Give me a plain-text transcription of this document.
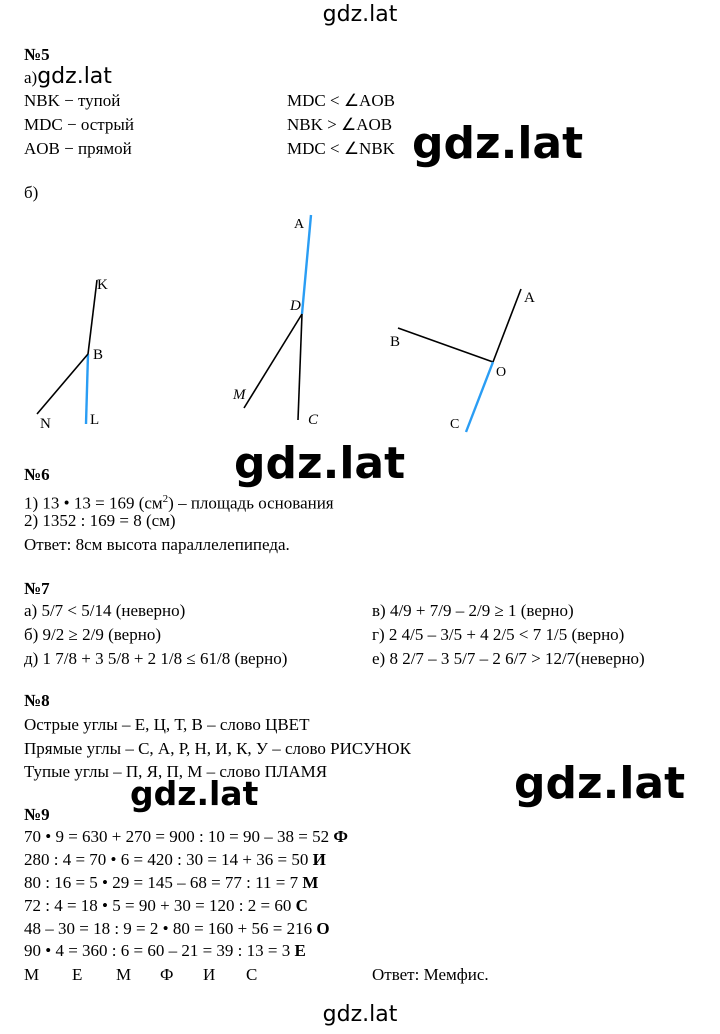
gdz.lat
gdz.lat
gdz.lat
gdz.lat
gdz.lat
gdz.lat
№5
а)gdz.lat
NBK − тупой
MDC − острый
AOB − прямой
MDC < ∠AOB
NBK > ∠AOB
MDC < ∠NBK
б)
K
B
N	L
A
D
M
C
A
B
O
C
№6
1) 13 • 13 = 169 $(см^2)$ – площадь основания
2) 1352 : 169 = 8 (см)
Ответ: 8см высота параллелепипеда.
№7
а) 5/7 < 5/14 (неверно)
б) 9/2 ≥ 2/9 (верно)
д) 1 7/8 + 3 5/8 + 2 1/8 ≤ 61/8 (верно)
в) 4/9 + 7/9 – 2/9 ≥ 1 (верно)
г) 2 4/5 – 3/5 + 4 2/5 < 7 1/5 (верно)
е) 8 2/7 – 3 5/7 – 2 6/7 > 12/7(неверно)
№8
Острые углы – Е, Ц, Т, В – слово ЦВЕТ
Прямые углы – С, А, Р, Н, И, К, У – слово РИСУНОК
Тупые углы – П, Я, П, М – слово ПЛАМЯ
№9
70 • 9 = 630 + 270 = 900 : 10 = 90 – 38 = 52 Ф
280 : 4 = 70 • 6 = 420 : 30 = 14 + 36 = 50 И
80 : 16 = 5 • 29 = 145 – 68 = 77 : 11 = 7 М
72 : 4 = 18 • 5 = 90 + 30 = 120 : 2 = 60 С
48 – 30 = 18 : 9 = 2 • 80 = 160 + 56 = 216 О
90 • 4 = 360 : 6 = 60 – 21 = 39 : 13 = 3 Е
М Е М Ф И С	Ответ: Мемфис.
